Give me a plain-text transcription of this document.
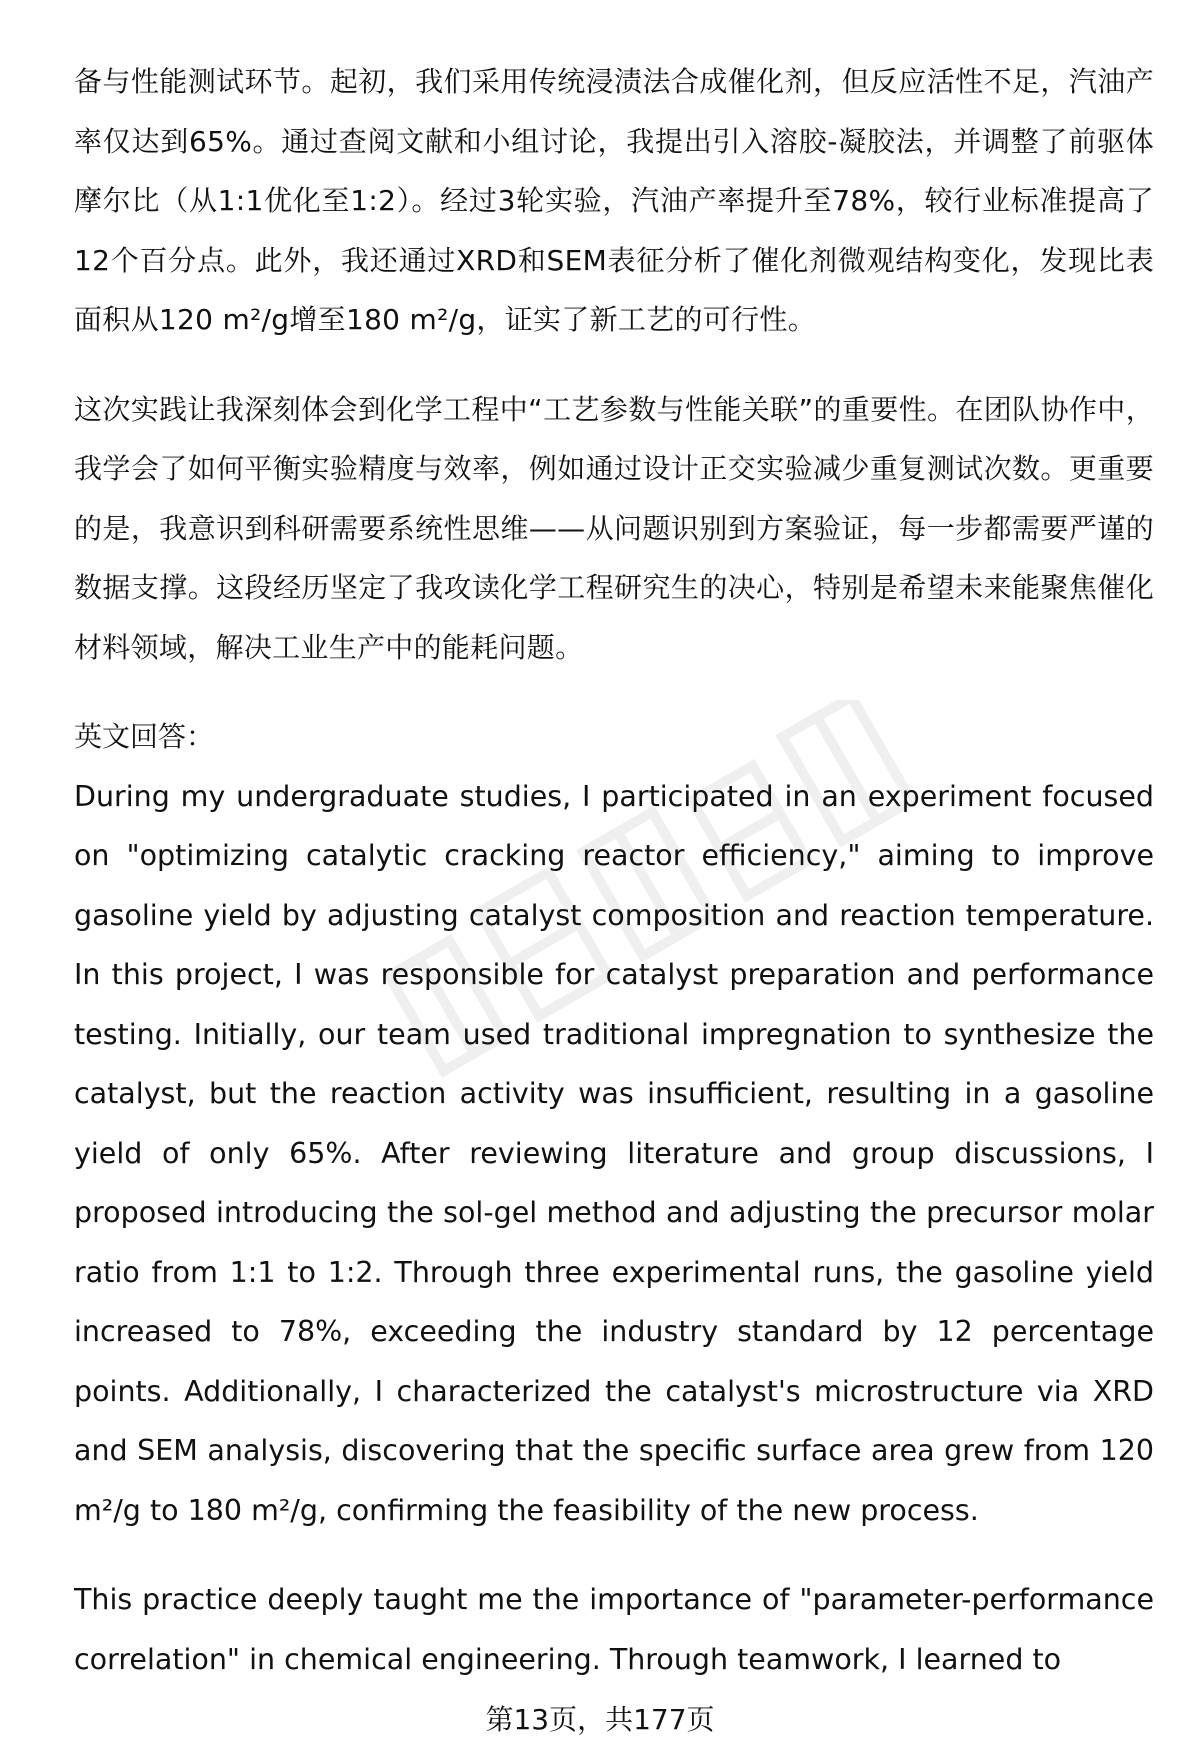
备与性能测试环节。起初，我们采用传统浸渍法合成催化剂，但反应活性不足，汽油产率仅达到65%。通过查阅文献和小组讨论，我提出引入溶胶-凝胶法，并调整了前驱体摩尔比（从1:1优化至1:2）。经过3轮实验，汽油产率提升至78%，较行业标准提高了12个百分点。此外，我还通过XRD和SEM表征分析了催化剂微观结构变化，发现比表面积从120 m²/g增至180 m²/g，证实了新工艺的可行性。

这次实践让我深刻体会到化学工程中“工艺参数与性能关联”的重要性。在团队协作中，我学会了如何平衡实验精度与效率，例如通过设计正交实验减少重复测试次数。更重要的是，我意识到科研需要系统性思维——从问题识别到方案验证，每一步都需要严谨的数据支撑。这段经历坚定了我攻读化学工程研究生的决心，特别是希望未来能聚焦催化材料领域，解决工业生产中的能耗问题。

英文回答：

During my undergraduate studies, I participated in an experiment focused on "optimizing catalytic cracking reactor efficiency," aiming to improve gasoline yield by adjusting catalyst composition and reaction temperature. In this project, I was responsible for catalyst preparation and performance testing. Initially, our team used traditional impregnation to synthesize the catalyst, but the reaction activity was insufficient, resulting in a gasoline yield of only 65%. After reviewing literature and group discussions, I proposed introducing the sol-gel method and adjusting the precursor molar ratio from 1:1 to 1:2. Through three experimental runs, the gasoline yield increased to 78%, exceeding the industry standard by 12 percentage points. Additionally, I characterized the catalyst's microstructure via XRD and SEM analysis, discovering that the specific surface area grew from 120 m²/g to 180 m²/g, confirming the feasibility of the new process.

This practice deeply taught me the importance of "parameter-performance correlation" in chemical engineering. Through teamwork, I learned to

第13页，共177页
